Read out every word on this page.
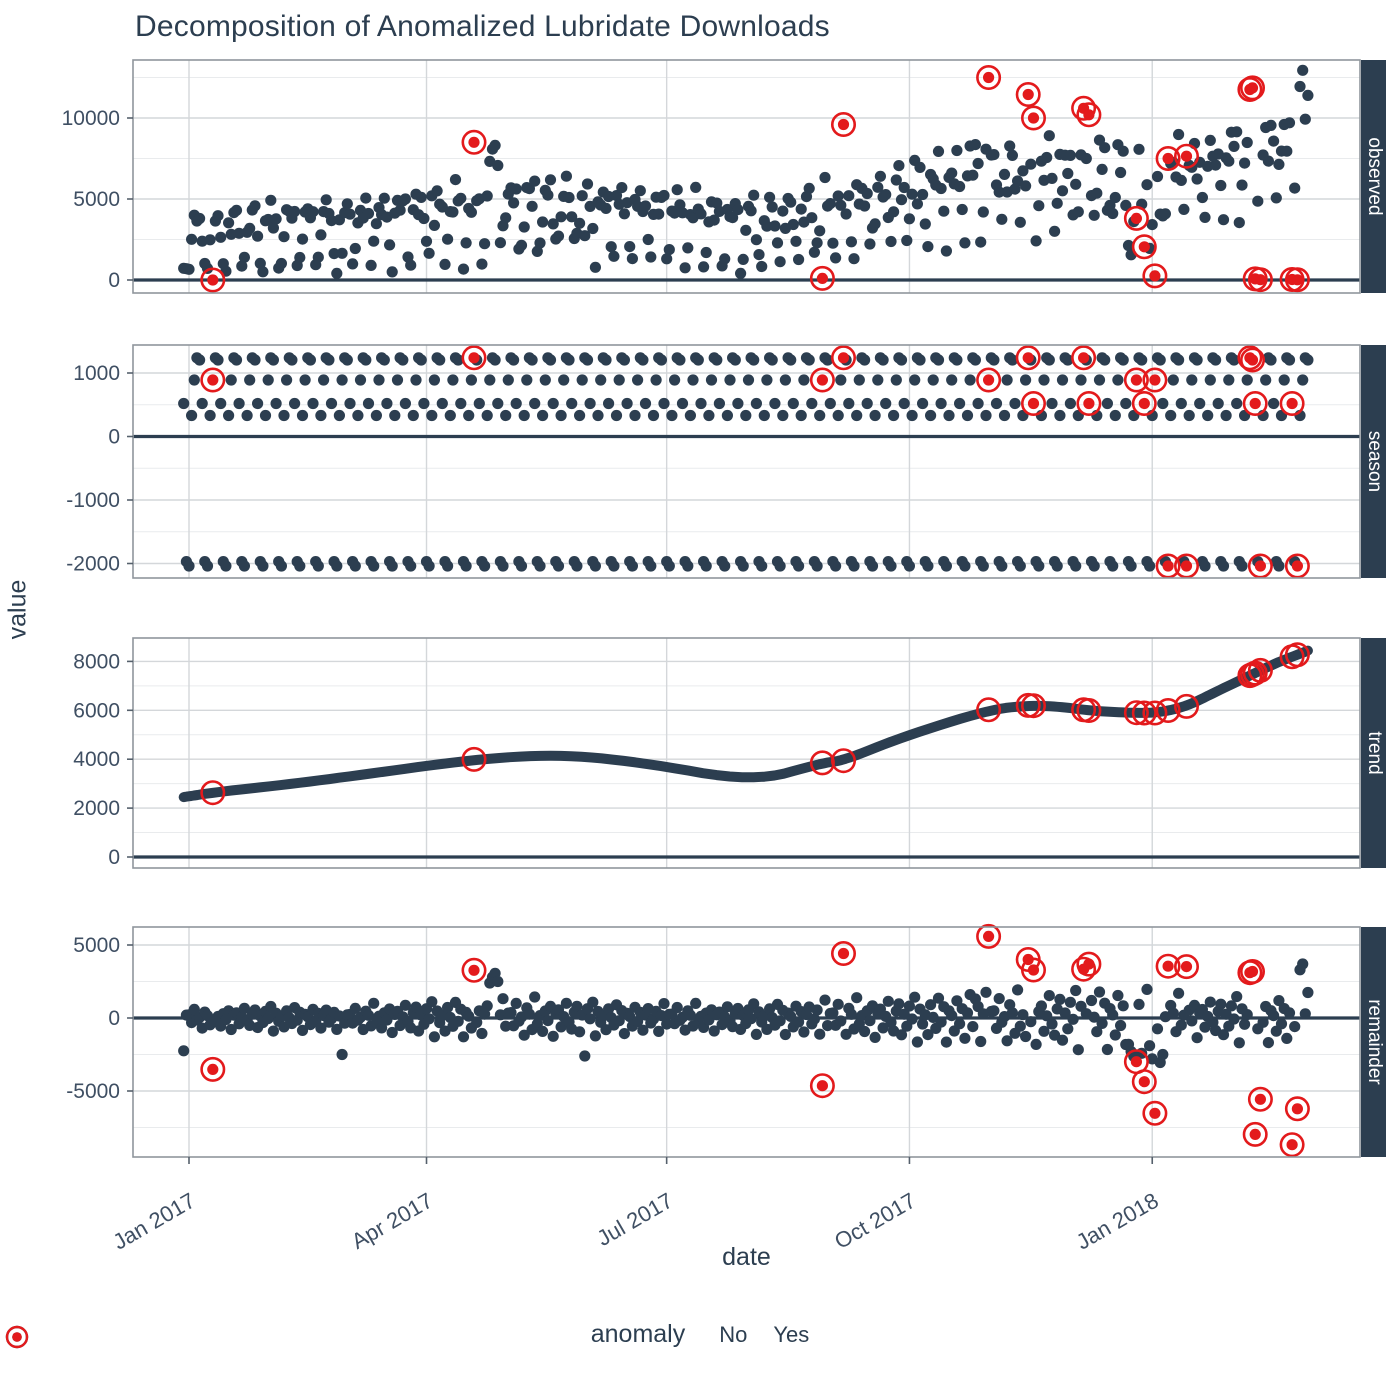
Decomposition of Anomalized Lubridate Downloads
value
observed
0
5000
10000
season
-2000
-1000
0
1000
trend
0
2000
4000
6000
8000
remainder
-5000
0
5000
Jan 2017	Apr 2017	Jul 2017	Oct 2017	Jan 2018
date
anomaly No Yes
